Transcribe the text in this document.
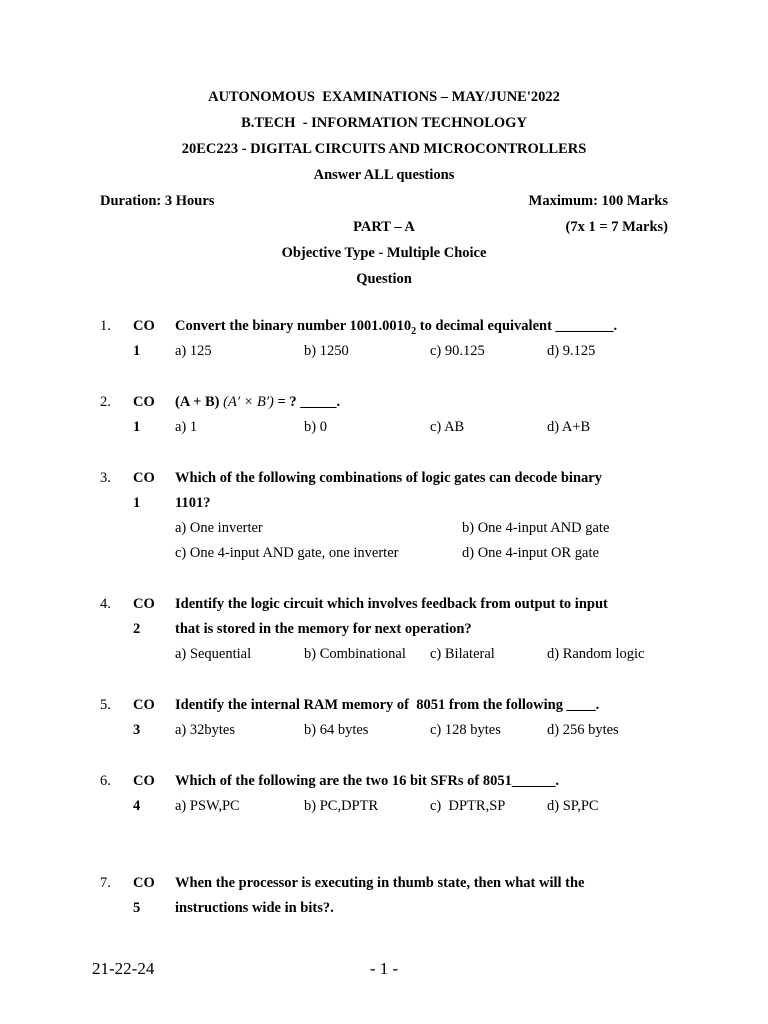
AUTONOMOUS  EXAMINATIONS – MAY/JUNE'2022
B.TECH  - INFORMATION TECHNOLOGY
20EC223 - DIGITAL CIRCUITS AND MICROCONTROLLERS
Answer ALL questions
Duration: 3 Hours	Maximum: 100 Marks
PART – A	(7x 1 = 7 Marks)
Objective Type - Multiple Choice
Question
1.	CO
1
Convert the binary number $1001.0010_2$ to decimal equivalent ________.
a) 125	b) 1250	c) 90.125	d) 9.125
2.	CO
1
(A + B) (A′ × B′) = ? _____.
a) 1	b) 0	c) AB	d) A+B
3.	CO
1
Which of the following combinations of logic gates can decode binary
1101?
a) One inverter	b) One 4-input AND gate
c) One 4-input AND gate, one inverter	d) One 4-input OR gate
4.	CO
2
Identify the logic circuit which involves feedback from output to input
that is stored in the memory for next operation?
a) Sequential	b) Combinational	c) Bilateral	d) Random logic
5.	CO
3
Identify the internal RAM memory of  8051 from the following ____.
a) 32bytes	b) 64 bytes	c) 128 bytes	d) 256 bytes
6.	CO
4
Which of the following are the two 16 bit SFRs of 8051______.
a) PSW,PC	b) PC,DPTR	c)  DPTR,SP	d) SP,PC
7.	CO
5
When the processor is executing in thumb state, then what will the
instructions wide in bits?.
21-22-24	- 1 -
